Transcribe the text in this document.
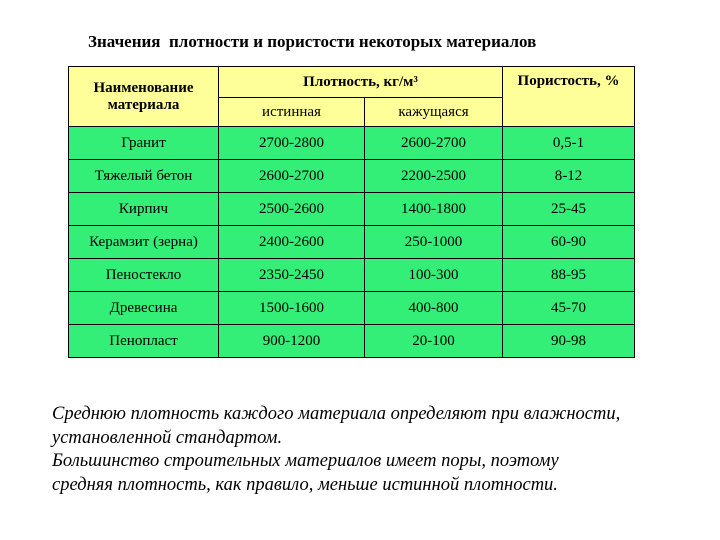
Значения  плотности и пористости некоторых материалов
Наименование материала	Плотность, кг/м³		Пористость, %
	истинная	кажущаяся	
Гранит	2700-2800	2600-2700	0,5-1
Тяжелый бетон	2600-2700	2200-2500	8-12
Кирпич	2500-2600	1400-1800	25-45
Керамзит (зерна)	2400-2600	250-1000	60-90
Пеностекло	2350-2450	100-300	88-95
Древесина	1500-1600	400-800	45-70
Пенопласт	900-1200	20-100	90-98
Среднюю плотность каждого материала определяют при влажности,
установленной стандартом.
Большинство строительных материалов имеет поры, поэтому
средняя плотность, как правило, меньше истинной плотности.
